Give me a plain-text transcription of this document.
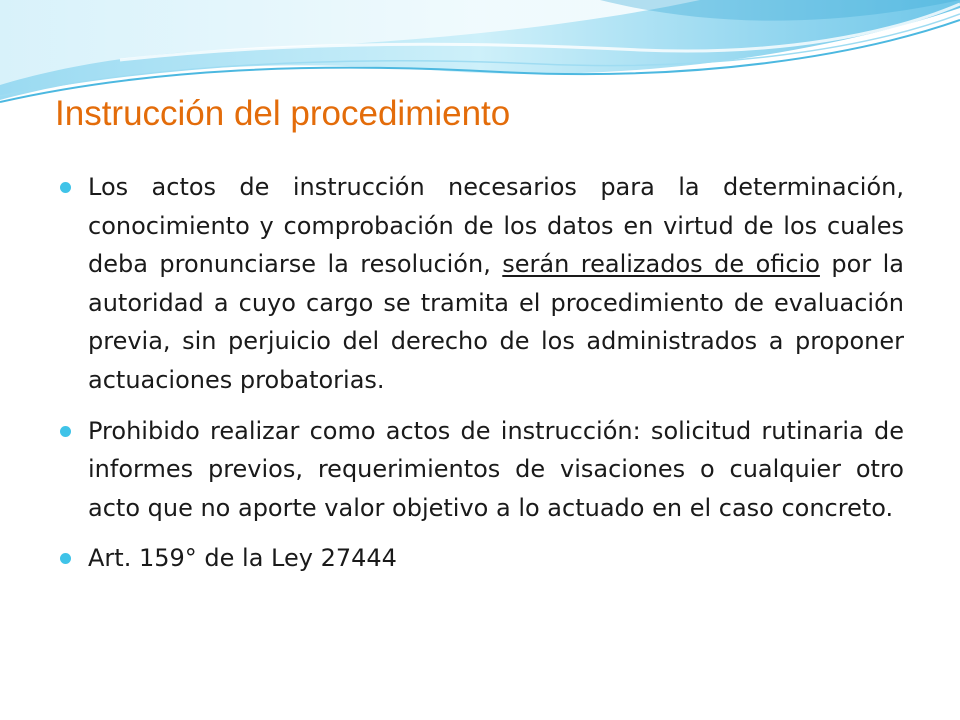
Instrucción del procedimiento
Los actos de instrucción necesarios para la determinación, conocimiento y comprobación de los datos en virtud de los cuales deba pronunciarse la resolución, serán realizados de oficio por la autoridad a cuyo cargo se tramita el procedimiento de evaluación previa, sin perjuicio del derecho de los administrados a proponer actuaciones probatorias.
Prohibido realizar como actos de instrucción: solicitud rutinaria de informes previos, requerimientos de visaciones o cualquier otro acto que no aporte valor objetivo a lo actuado en el caso concreto.
Art. 159° de la Ley 27444
